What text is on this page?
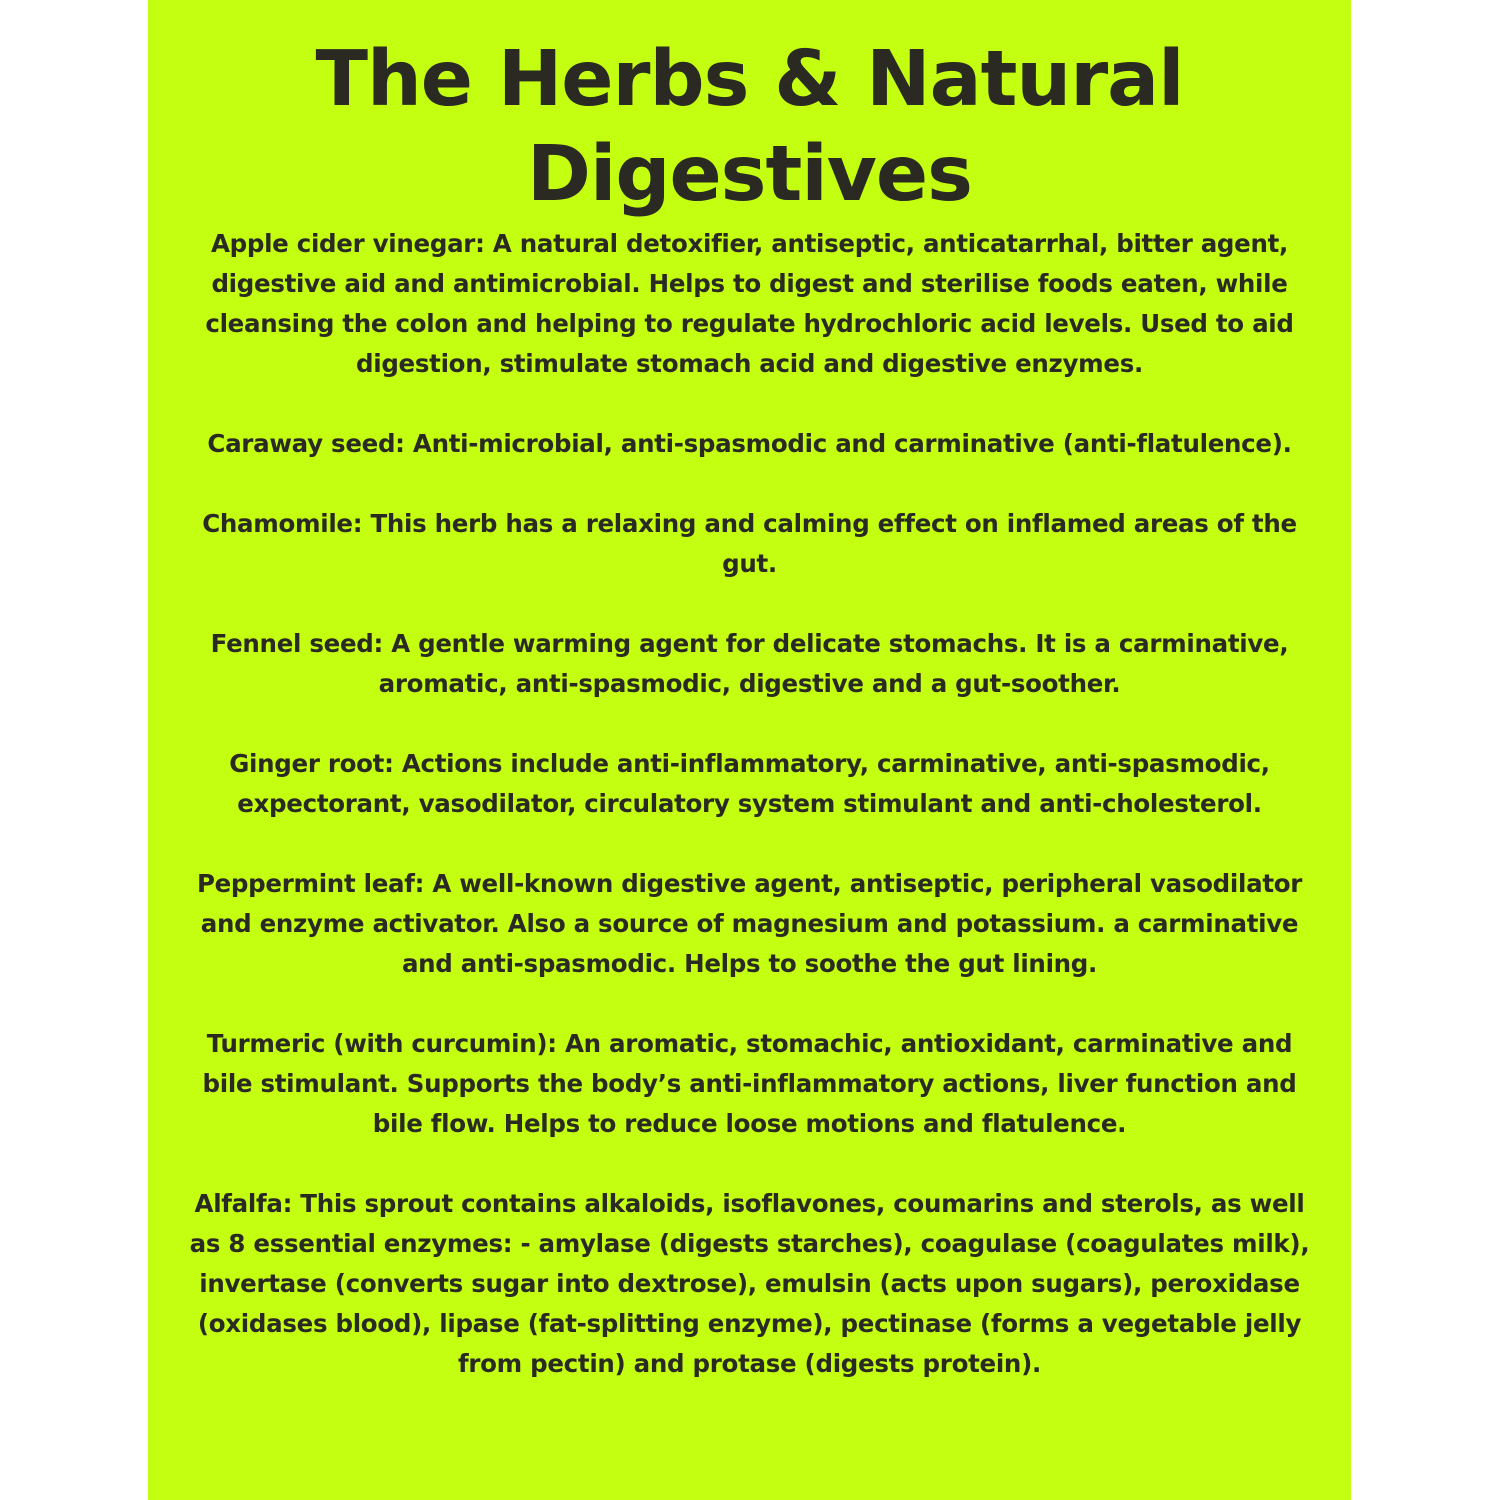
The Herbs & Natural
Digestives

Apple cider vinegar: A natural detoxifier, antiseptic, anticatarrhal, bitter agent, digestive aid and antimicrobial. Helps to digest and sterilise foods eaten, while cleansing the colon and helping to regulate hydrochloric acid levels. Used to aid digestion, stimulate stomach acid and digestive enzymes.

Caraway seed: Anti-microbial, anti-spasmodic and carminative (anti-flatulence).

Chamomile: This herb has a relaxing and calming effect on inflamed areas of the gut.

Fennel seed: A gentle warming agent for delicate stomachs. It is a carminative, aromatic, anti-spasmodic, digestive and a gut-soother.

Ginger root: Actions include anti-inflammatory, carminative, anti-spasmodic, expectorant, vasodilator, circulatory system stimulant and anti-cholesterol.

Peppermint leaf: A well-known digestive agent, antiseptic, peripheral vasodilator and enzyme activator. Also a source of magnesium and potassium. a carminative and anti-spasmodic. Helps to soothe the gut lining.

Turmeric (with curcumin): An aromatic, stomachic, antioxidant, carminative and bile stimulant. Supports the body’s anti-inflammatory actions, liver function and bile flow. Helps to reduce loose motions and flatulence.

Alfalfa: This sprout contains alkaloids, isoflavones, coumarins and sterols, as well as 8 essential enzymes: - amylase (digests starches), coagulase (coagulates milk), invertase (converts sugar into dextrose), emulsin (acts upon sugars), peroxidase (oxidases blood), lipase (fat-splitting enzyme), pectinase (forms a vegetable jelly from pectin) and protase (digests protein).
